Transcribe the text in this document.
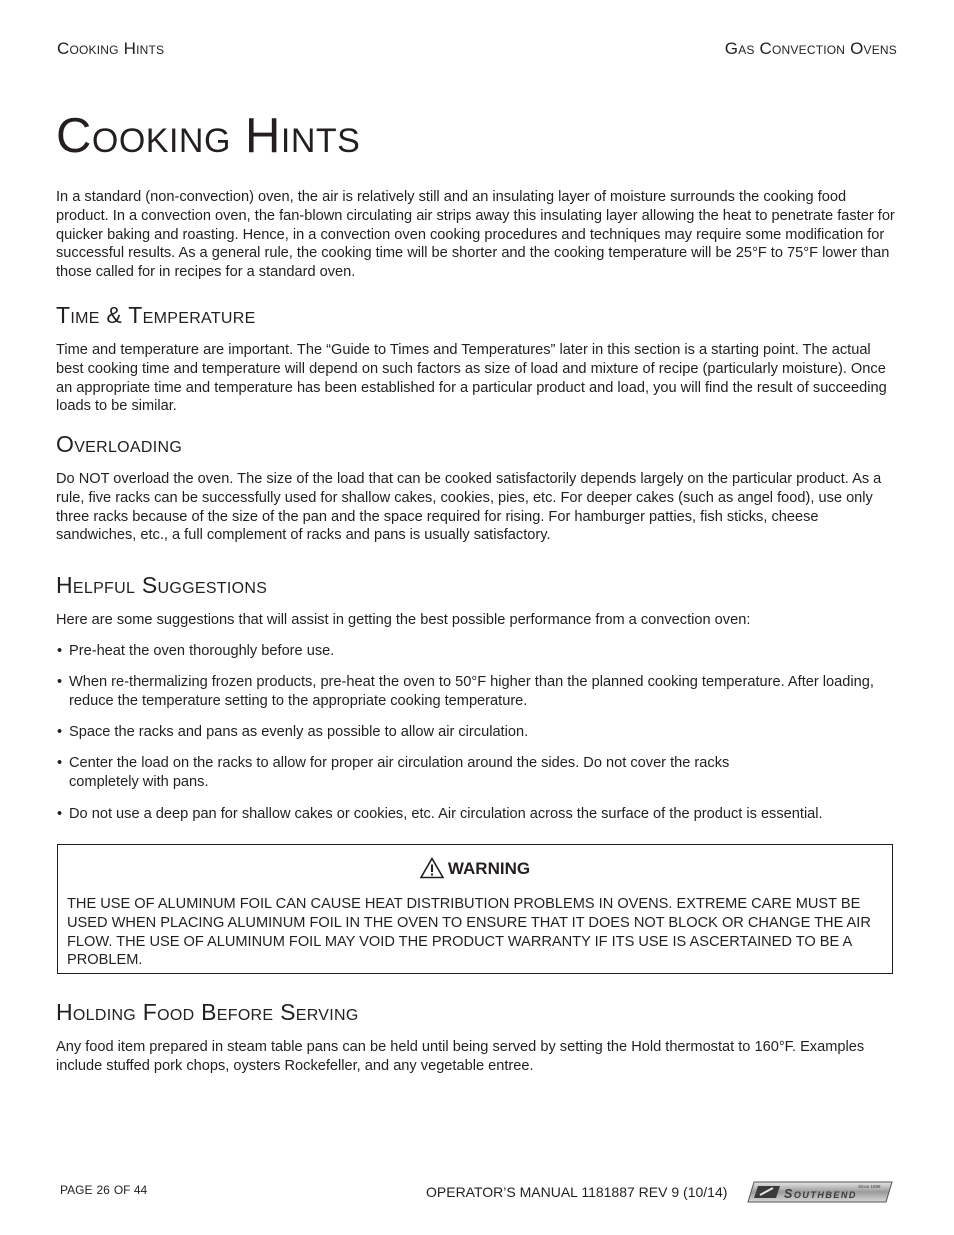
Cooking Hints	Gas Convection Ovens
Cooking Hints

In a standard (non-convection) oven, the air is relatively still and an insulating layer of moisture surrounds the cooking food product. In a convection oven, the fan-blown circulating air strips away this insulating layer allowing the heat to penetrate faster for quicker baking and roasting. Hence, in a convection oven cooking procedures and techniques may require some modification for successful results. As a general rule, the cooking time will be shorter and the cooking temperature will be 25°F to 75°F lower than those called for in recipes for a standard oven.

Time & Temperature

Time and temperature are important. The “Guide to Times and Temperatures” later in this section is a starting point. The actual best cooking time and temperature will depend on such factors as size of load and mixture of recipe (particularly moisture). Once an appropriate time and temperature has been established for a particular product and load, you will find the result of succeeding loads to be similar.

Overloading

Do NOT overload the oven. The size of the load that can be cooked satisfactorily depends largely on the particular product. As a rule, five racks can be successfully used for shallow cakes, cookies, pies, etc. For deeper cakes (such as angel food), use only three racks because of the size of the pan and the space required for rising. For hamburger patties, fish sticks, cheese sandwiches, etc., a full complement of racks and pans is usually satisfactory.

Helpful Suggestions

Here are some suggestions that will assist in getting the best possible performance from a convection oven:

• Pre-heat the oven thoroughly before use.
• When re-thermalizing frozen products, pre-heat the oven to 50°F higher than the planned cooking temperature. After loading, reduce the temperature setting to the appropriate cooking temperature.
• Space the racks and pans as evenly as possible to allow air circulation.
• Center the load on the racks to allow for proper air circulation around the sides. Do not cover the racks completely with pans.
• Do not use a deep pan for shallow cakes or cookies, etc. Air circulation across the surface of the product is essential.
Holding Food Before Serving

Any food item prepared in steam table pans can be held until being served by setting the Hold thermostat to 160°F. Examples include stuffed pork chops, oysters Rockefeller, and any vegetable entree.

WARNING
THE USE OF ALUMINUM FOIL CAN CAUSE HEAT DISTRIBUTION PROBLEMS IN OVENS. EXTREME CARE MUST BE USED WHEN PLACING ALUMINUM FOIL IN THE OVEN TO ENSURE THAT IT DOES NOT BLOCK OR CHANGE THE AIR FLOW. THE USE OF ALUMINUM FOIL MAY VOID THE PRODUCT WARRANTY IF ITS USE IS ASCERTAINED TO BE A PROBLEM.
PAGE 26 OF 44	OPERATOR’S MANUAL 1181887 REV 9 (10/14)	Southbend
Since 1898
